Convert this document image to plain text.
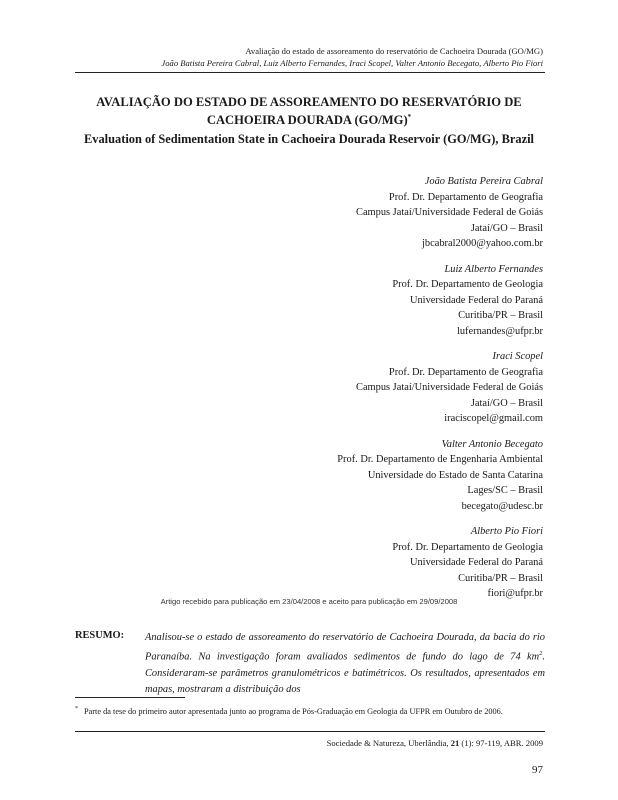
Avaliação do estado de assoreamento do reservatório de Cachoeira Dourada (GO/MG)
João Batista Pereira Cabral, Luiz Alberto Fernandes, Iraci Scopel, Valter Antonio Becegato, Alberto Pio Fiori
AVALIAÇÃO DO ESTADO DE ASSOREAMENTO DO RESERVATÓRIO DE
CACHOEIRA DOURADA (GO/MG)*
Evaluation of Sedimentation State in Cachoeira Dourada Reservoir (GO/MG), Brazil
João Batista Pereira Cabral
Prof. Dr. Departamento de Geografia
Campus Jataí/Universidade Federal de Goiás
Jataí/GO – Brasil
jbcabral2000@yahoo.com.br
Luiz Alberto Fernandes
Prof. Dr. Departamento de Geologia
Universidade Federal do Paraná
Curitiba/PR – Brasil
lufernandes@ufpr.br
Iraci Scopel
Prof. Dr. Departamento de Geografia
Campus Jataí/Universidade Federal de Goiás
Jataí/GO – Brasil
iraciscopel@gmail.com
Valter Antonio Becegato
Prof. Dr. Departamento de Engenharia Ambiental
Universidade do Estado de Santa Catarina
Lages/SC – Brasil
becegato@udesc.br
Alberto Pio Fiori
Prof. Dr. Departamento de Geologia
Universidade Federal do Paraná
Curitiba/PR – Brasil
fiori@ufpr.br
Artigo recebido para publicação em 23/04/2008 e aceito para publicação em 29/09/2008
RESUMO: Analisou-se o estado de assoreamento do reservatório de Cachoeira Dourada, da bacia do rio Paranaíba. Na investigação foram avaliados sedimentos de fundo do lago de 74 $km^2$. Consideraram-se parâmetros granulométricos e batimétricos. Os resultados, apresentados em mapas, mostraram a distribuição dos
* Parte da tese do primeiro autor apresentada junto ao programa de Pós-Graduação em Geologia da UFPR em Outubro de 2006.
Sociedade & Natureza, Uberlândia, 21 (1): 97-119, ABR. 2009
97
